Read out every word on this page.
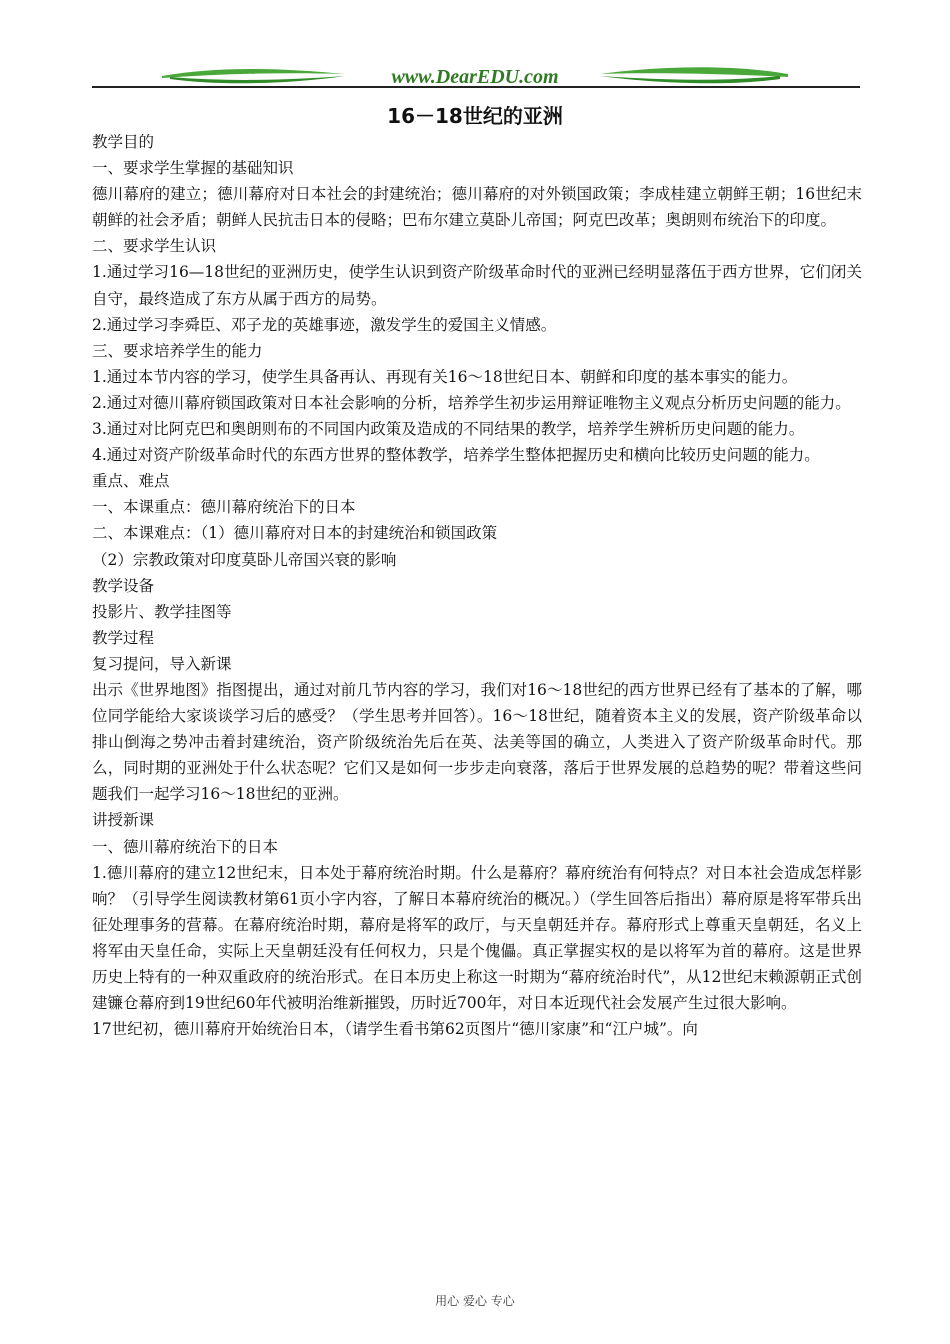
www.DearEDU.com
16－18世纪的亚洲

教学目的

一、要求学生掌握的基础知识

德川幕府的建立；德川幕府对日本社会的封建统治；德川幕府的对外锁国政策；李成桂建立朝鲜王朝；16世纪末朝鲜的社会矛盾；朝鲜人民抗击日本的侵略；巴布尔建立莫卧儿帝国；阿克巴改革；奥朗则布统治下的印度。

二、要求学生认识

1.通过学习16—18世纪的亚洲历史，使学生认识到资产阶级革命时代的亚洲已经明显落伍于西方世界，它们闭关自守，最终造成了东方从属于西方的局势。

2.通过学习李舜臣、邓子龙的英雄事迹，激发学生的爱国主义情感。

三、要求培养学生的能力

1.通过本节内容的学习，使学生具备再认、再现有关16～18世纪日本、朝鲜和印度的基本事实的能力。

2.通过对德川幕府锁国政策对日本社会影响的分析，培养学生初步运用辩证唯物主义观点分析历史问题的能力。

3.通过对比阿克巴和奥朗则布的不同国内政策及造成的不同结果的教学，培养学生辨析历史问题的能力。

4.通过对资产阶级革命时代的东西方世界的整体教学，培养学生整体把握历史和横向比较历史问题的能力。

重点、难点

一、本课重点：德川幕府统治下的日本

二、本课难点：（1）德川幕府对日本的封建统治和锁国政策

（2）宗教政策对印度莫卧儿帝国兴衰的影响

教学设备

投影片、教学挂图等

教学过程

复习提问，导入新课

出示《世界地图》指图提出，通过对前几节内容的学习，我们对16～18世纪的西方世界已经有了基本的了解，哪位同学能给大家谈谈学习后的感受？（学生思考并回答）。16～18世纪，随着资本主义的发展，资产阶级革命以排山倒海之势冲击着封建统治，资产阶级统治先后在英、法美等国的确立，人类进入了资产阶级革命时代。那么，同时期的亚洲处于什么状态呢？它们又是如何一步步走向衰落，落后于世界发展的总趋势的呢？带着这些问题我们一起学习16～18世纪的亚洲。

讲授新课

一、德川幕府统治下的日本

1.德川幕府的建立12世纪末，日本处于幕府统治时期。什么是幕府？幕府统治有何特点？对日本社会造成怎样影响？（引导学生阅读教材第61页小字内容，了解日本幕府统治的概况。）（学生回答后指出）幕府原是将军带兵出征处理事务的营幕。在幕府统治时期，幕府是将军的政厅，与天皇朝廷并存。幕府形式上尊重天皇朝廷，名义上将军由天皇任命，实际上天皇朝廷没有任何权力，只是个傀儡。真正掌握实权的是以将军为首的幕府。这是世界历史上特有的一种双重政府的统治形式。在日本历史上称这一时期为“幕府统治时代”，从12世纪末赖源朝正式创建镰仓幕府到19世纪60年代被明治维新摧毁，历时近700年，对日本近现代社会发展产生过很大影响。

17世纪初，德川幕府开始统治日本，（请学生看书第62页图片“德川家康”和“江户城”。向

用心 爱心 专心
